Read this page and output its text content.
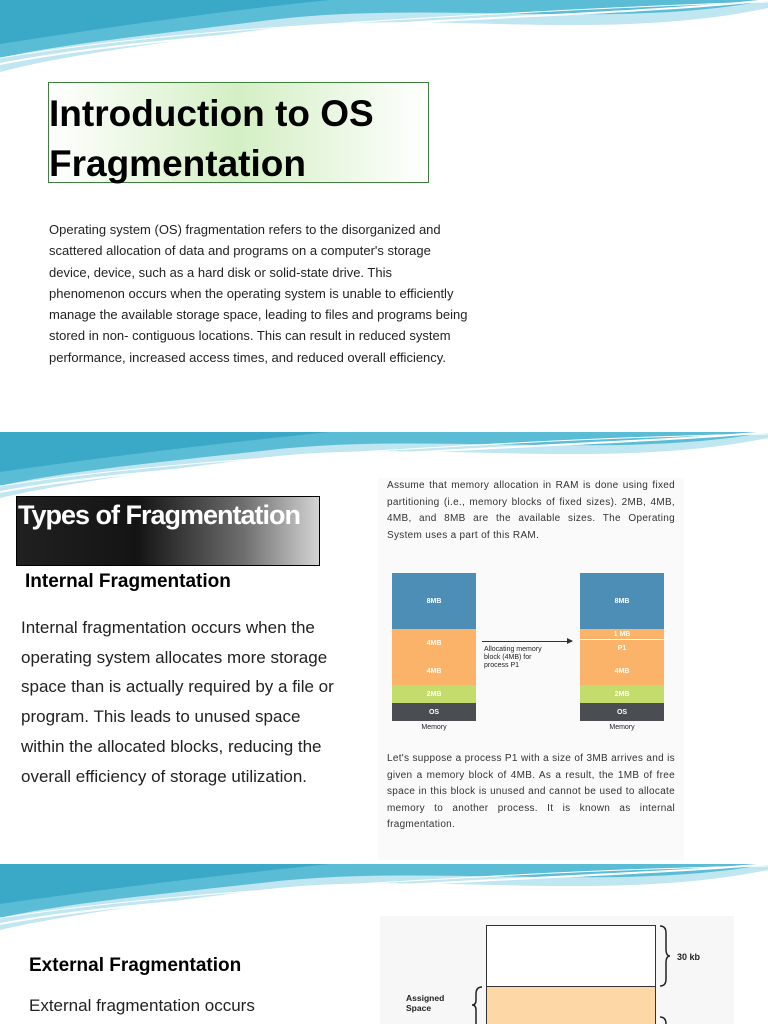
Introduction to OS Fragmentation

Operating system (OS) fragmentation refers to the disorganized and scattered allocation of data and programs on a computer's storage device, device, such as a hard disk or solid-state drive. This phenomenon occurs when the operating system is unable to efficiently manage the available storage space, leading to files and programs being stored in non- contiguous locations. This can result in reduced system performance, increased access times, and reduced overall efficiency.

Types of Fragmentation

Internal Fragmentation

Internal fragmentation occurs when the operating system allocates more storage space than is actually required by a file or program. This leads to unused space within the allocated blocks, reducing the overall efficiency of storage utilization.

Assume that memory allocation in RAM is done using fixed partitioning (i.e., memory blocks of fixed sizes). 2MB, 4MB, 4MB, and 8MB are the available sizes. The Operating System uses a part of this RAM.

8MB
4MB
4MB
2MB
OS
Memory
Allocating memory block (4MB) for process P1
8MB
1 MB
P1
4MB
2MB
OS
Memory

Let's suppose a process P1 with a size of 3MB arrives and is given a memory block of 4MB. As a result, the 1MB of free space in this block is unused and cannot be used to allocate memory to another process. It is known as internal fragmentation.

External Fragmentation

External fragmentation occurs

30 kb
Assigned Space
